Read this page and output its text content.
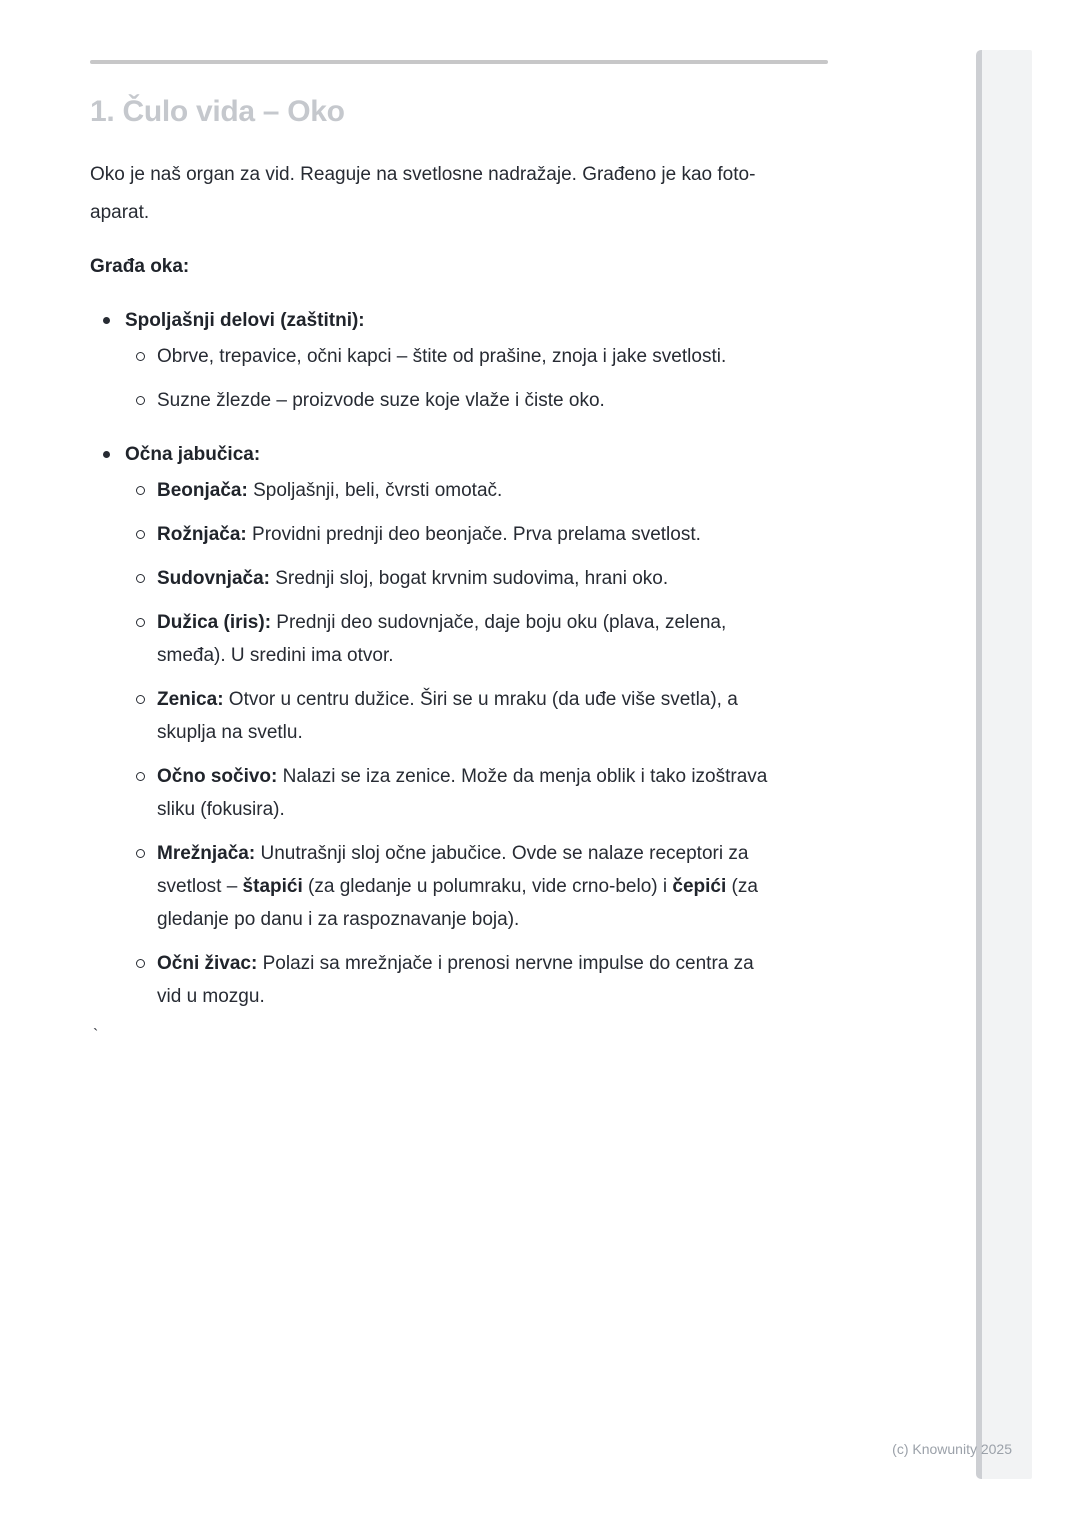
1. Čulo vida – Oko
Oko je naš organ za vid. Reaguje na svetlosne nadražaje. Građeno je kao foto-
aparat.
Građa oka:
Spoljašnji delovi (zaštitni):
Obrve, trepavice, očni kapci – štite od prašine, znoja i jake svetlosti.
Suzne žlezde – proizvode suze koje vlaže i čiste oko.
Očna jabučica:
Beonjača: Spoljašnji, beli, čvrsti omotač.
Rožnjača: Providni prednji deo beonjače. Prva prelama svetlost.
Sudovnjača: Srednji sloj, bogat krvnim sudovima, hrani oko.
Dužica (iris): Prednji deo sudovnjače, daje boju oku (plava, zelena,
smeđa). U sredini ima otvor.
Zenica: Otvor u centru dužice. Širi se u mraku (da uđe više svetla), a
skuplja na svetlu.
Očno sočivo: Nalazi se iza zenice. Može da menja oblik i tako izoštrava
sliku (fokusira).
Mrežnjača: Unutrašnji sloj očne jabučice. Ovde se nalaze receptori za
svetlost – štapići (za gledanje u polumraku, vide crno-belo) i čepići (za
gledanje po danu i za raspoznavanje boja).
Očni živac: Polazi sa mrežnjače i prenosi nervne impulse do centra za
vid u mozgu.
`
(c) Knowunity 2025
